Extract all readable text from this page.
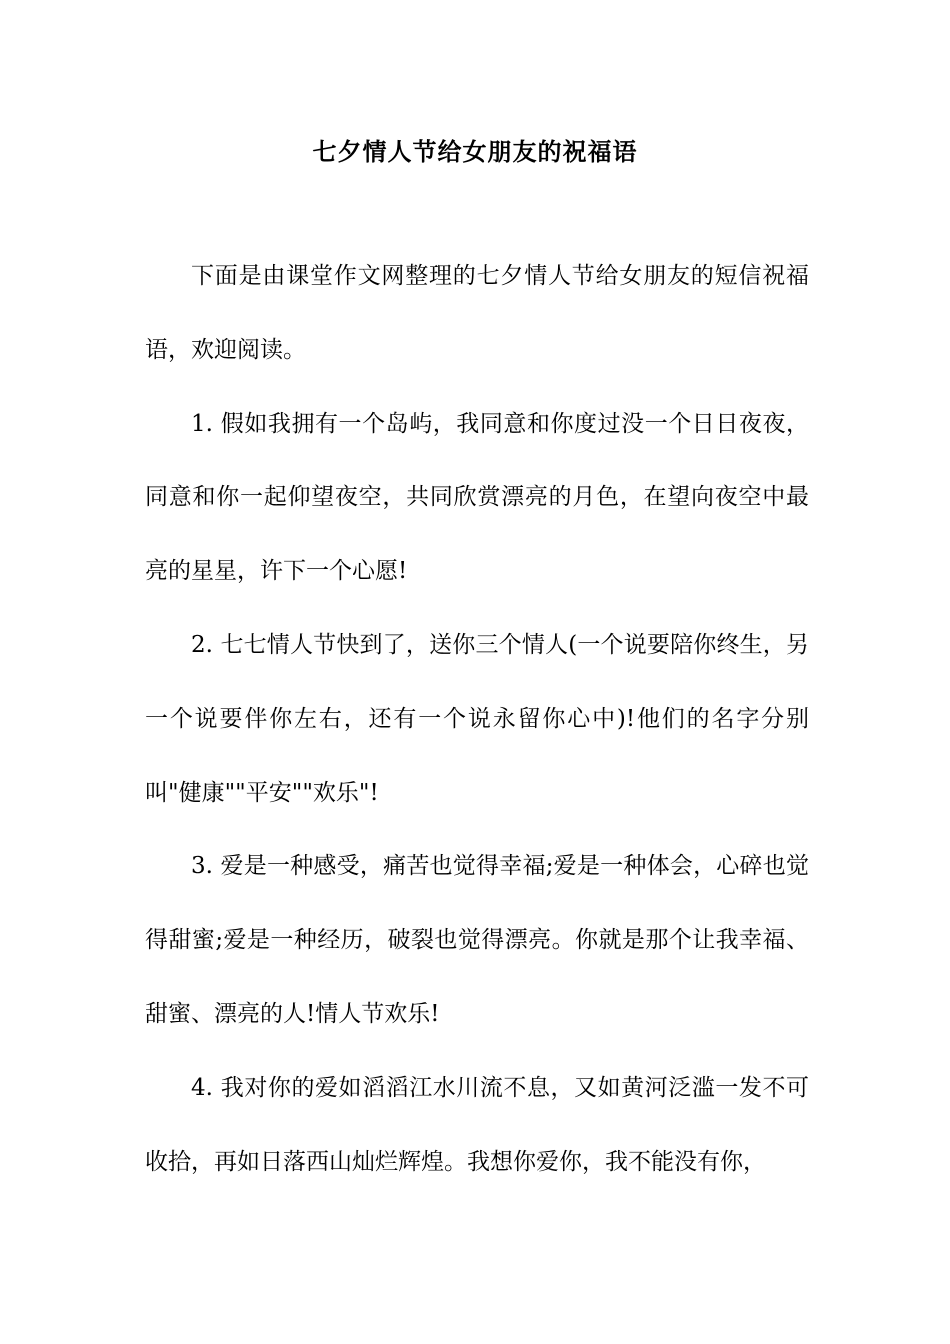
七夕情人节给女朋友的祝福语

下面是由课堂作文网整理的七夕情人节给女朋友的短信祝福语，欢迎阅读。

1. 假如我拥有一个岛屿，我同意和你度过没一个日日夜夜，同意和你一起仰望夜空，共同欣赏漂亮的月色，在望向夜空中最亮的星星，许下一个心愿!

2. 七七情人节快到了，送你三个情人(一个说要陪你终生，另一个说要伴你左右，还有一个说永留你心中)!他们的名字分别叫"健康""平安""欢乐"!

3. 爱是一种感受，痛苦也觉得幸福;爱是一种体会，心碎也觉得甜蜜;爱是一种经历，破裂也觉得漂亮。你就是那个让我幸福、甜蜜、漂亮的人!情人节欢乐!

4. 我对你的爱如滔滔江水川流不息，又如黄河泛滥一发不可收拾，再如日落西山灿烂辉煌。我想你爱你，我不能没有你，
